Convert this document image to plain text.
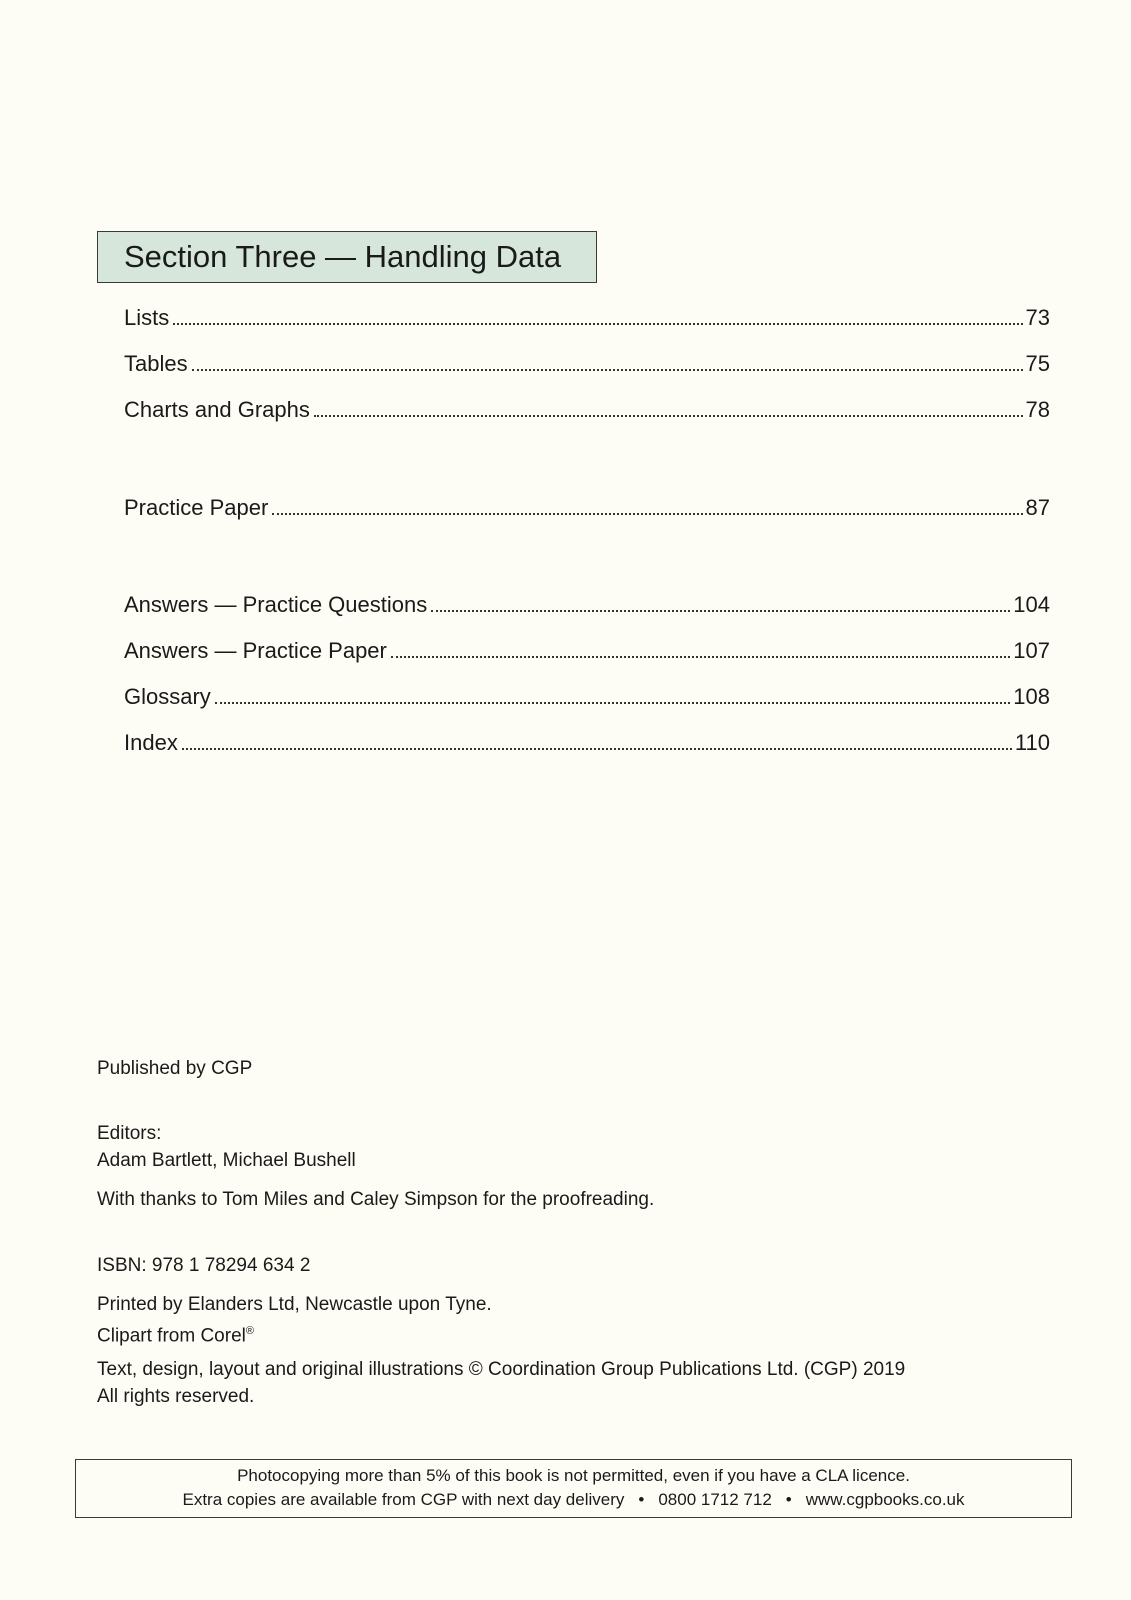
Section Three — Handling Data
Lists	73
Tables	75
Charts and Graphs	78
Practice Paper	87
Answers — Practice Questions	104
Answers — Practice Paper	107
Glossary	108
Index	110
Published by CGP
Editors:
Adam Bartlett, Michael Bushell
With thanks to Tom Miles and Caley Simpson for the proofreading.
ISBN: 978 1 78294 634 2
Printed by Elanders Ltd, Newcastle upon Tyne.
Clipart from Corel®
Text, design, layout and original illustrations © Coordination Group Publications Ltd. (CGP) 2019
All rights reserved.
Photocopying more than 5% of this book is not permitted, even if you have a CLA licence.
Extra copies are available from CGP with next day delivery • 0800 1712 712 • www.cgpbooks.co.uk
